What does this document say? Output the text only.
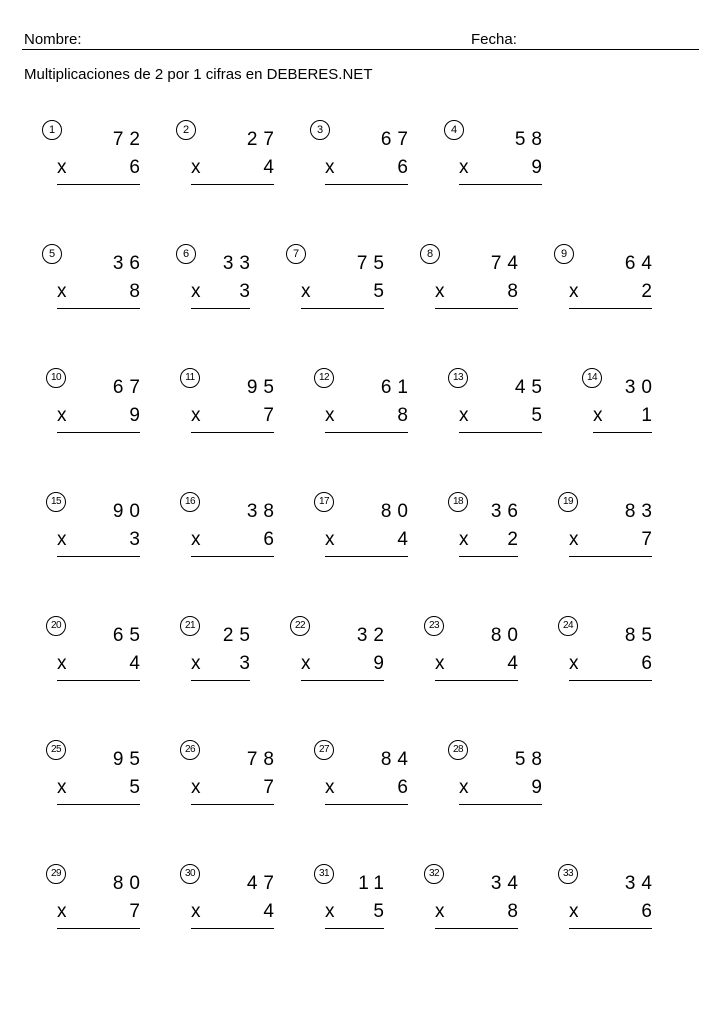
Nombre:	Fecha:
Multiplicaciones de 2 por 1 cifras en DEBERES.NET
1	72
x	6
2	27
x	4
3	67
x	6
4	58
x	9
5	36
x	8
6	33
x 3
7	75
x	5
8	74
x	8
9	64
x	2
10	67
x	9
11	95
x	7
12	61
x	8
13	45
x	5
14 30
x 1
15	90
x	3
16	38
x	6
17	80
x	4
18 36
x 2
19	83
x	7
20	65
x	4
21 25
x 3
22	32
x	9
23	80
x	4
24	85
x	6
25	95
x	5
26	78
x	7
27	84
x	6
28	58
x	9
29	80
x	7
30	47
x	4
31 11
x 5
32	34
x	8
33	34
x	6
